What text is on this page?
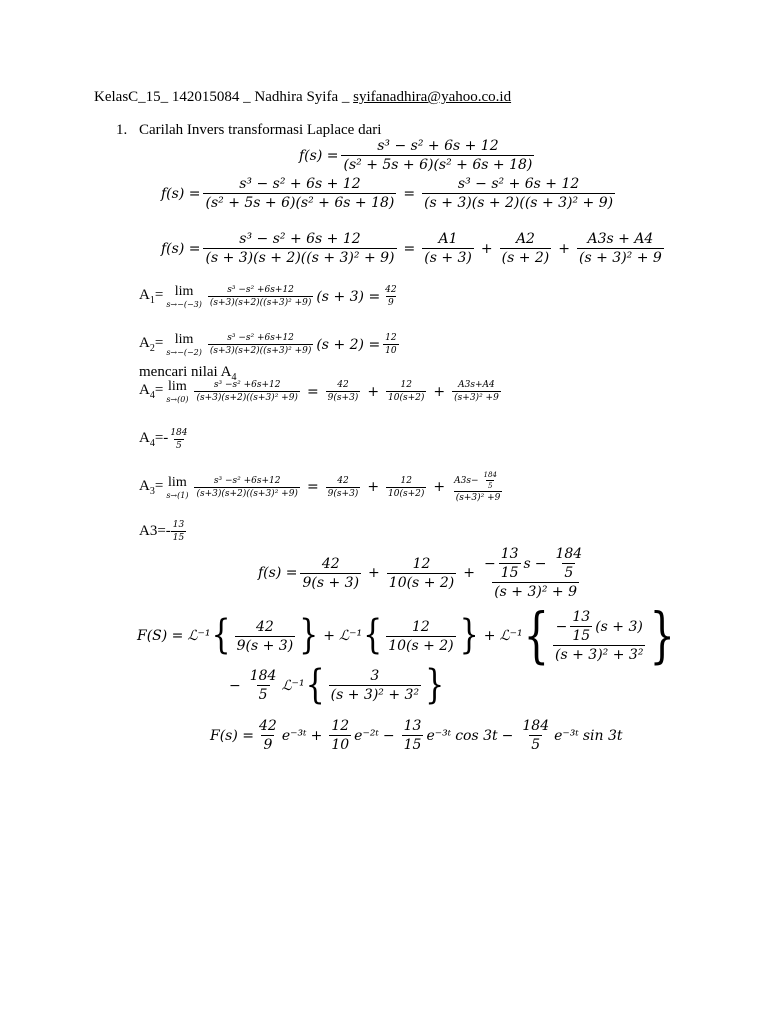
KelasC_15_ 142015084 _ Nadhira Syifa _ syifanadhira@yahoo.co.id
1. Carilah Invers transformasi Laplace dari
$f(s) = \frac{\text{s³ − s² + 6s + 12}}{\text{(s² + 5s + 6)(s² + 6s + 18)}}$
$f(s) = \frac{\text{s³ − s² + 6s + 12}}{\text{(s² + 5s + 6)(s² + 6s + 18)}} = \frac{\text{s³ − s² + 6s + 12}}{\text{(s + 3)(s + 2)((s + 3)² + 9)}}$
$f(s) = \frac{\text{s³ − s² + 6s + 12}}{\text{(s + 3)(s + 2)((s + 3)² + 9)}} = \frac{A1}{(s + 3)} + \frac{A2}{(s + 2)} + \frac{A3s + A4}{\text{(s + 3)² + 9}}$
$A_1= \lim$
$s\to-(-3) \frac{\text{s³ −s² +6s+12}}{\text{(s+3)(s+2)((s+3)² +9)}} (s + 3) = \frac{42}{9}$
$A_2= \lim$
$s\to-(-2) \frac{\text{s³ −s² +6s+12}}{\text{(s+3)(s+2)((s+3)² +9)}} (s + 2) = \frac{12}{10}$
mencari nilai $A_4$
$A_4= \lim$
$s\to(0) \frac{\text{s³ −s² +6s+12}}{\text{(s+3)(s+2)((s+3)² +9)}} = \frac{42}{9(s+3)} + \frac{12}{10(s+2)} + \frac{A3s+A4}{\text{(s+3)² +9}}$
$A_4=- \frac{184}{5}$
$A_3= \lim$
$s\to(1) \frac{\text{s³ −s² +6s+12}}{\text{(s+3)(s+2)((s+3)² +9)}} = \frac{42}{9(s+3)} + \frac{12}{10(s+2)} + \frac{A3s- \frac{184}{5}}{\text{(s+3)² +9}}$
$A3=- \frac{13}{15}$
$f(s) = \frac{42}{9(s + 3)} + \frac{12}{10(s + 2)}$ +
− $\frac{13}{15}$ $s - \frac{184}{5}$
(s + 3)² + 9
F(S) = ℒ⁻¹ { $\frac{42}{9(s + 3)}$ } + ℒ⁻¹ { $\frac{12}{10(s + 2)}$ } + ℒ⁻¹ { − $\frac{13}{15} (s + 3)$
(s + 3)² + 3² }
− $\frac{184}{5}$ ℒ⁻¹ { $\frac{3}{\text{(s + 3)² + 3²}}$ }
$F(s) = \frac{42}{9}$ e⁻³ᵗ + $\frac{12}{10}$ e⁻²ᵗ − $\frac{13}{15}$ e⁻³ᵗ $\cos 3t - \frac{184}{5}$ e⁻³ᵗ sin 3t
